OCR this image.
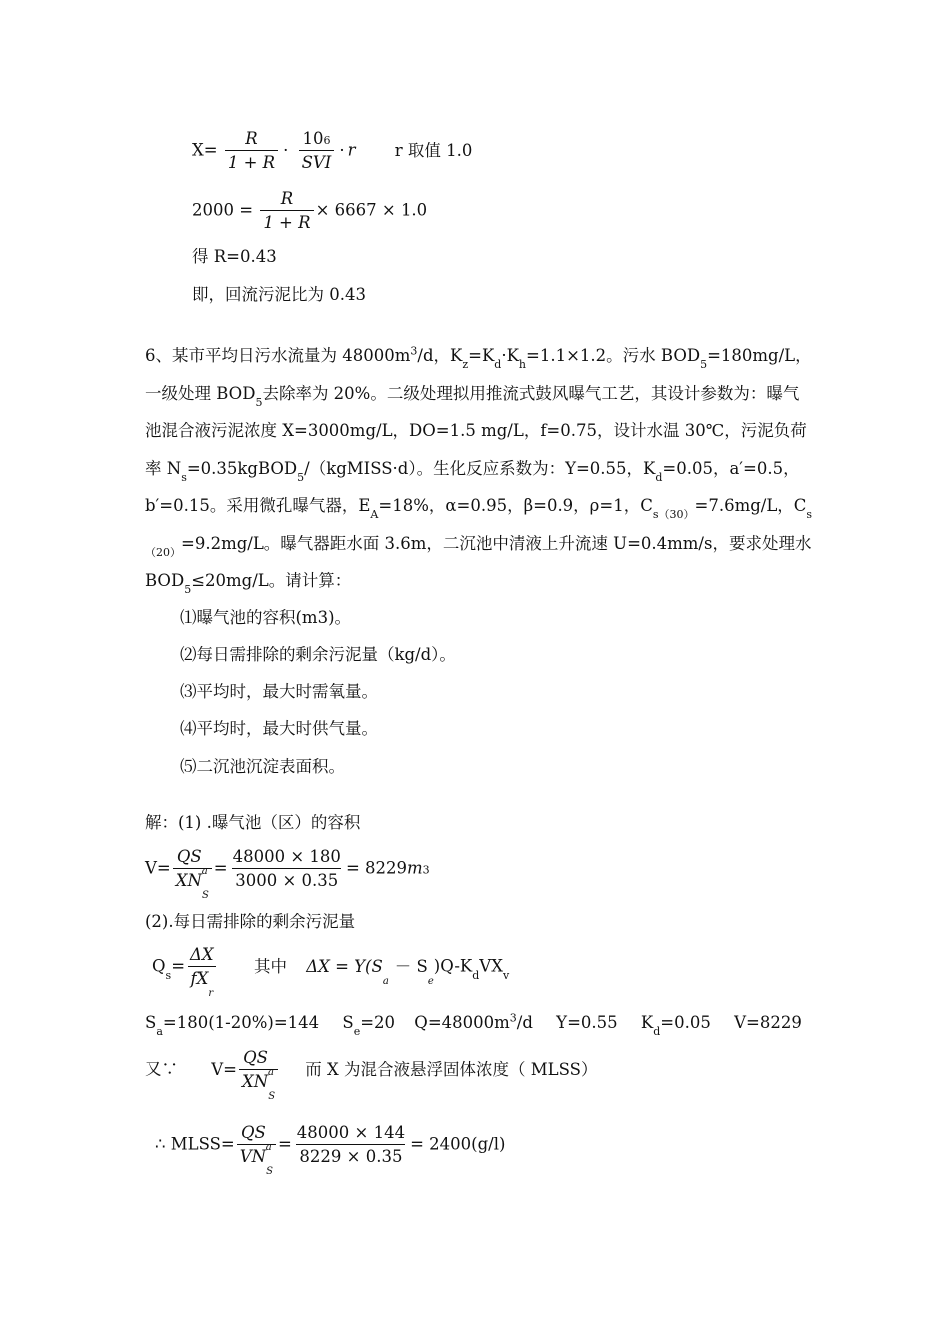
$X= \frac{R}{1 + R} \cdot \frac{106}{\text{SVI}} \cdot r$ r 取值 1.0
$2000 = \frac{R}{1 + R} \times 6667 \times 1.0$
得 R=0.43
即，回流污泥比为 0.43
6、某市平均日污水流量为 $48000m^3/d$，$K_z=K_d\cdot K_h=1.1\times 1.2$。污水 $BOD_5=180mg/L$，一级处理 $BOD_5$去除率为 20%。二级处理拟用推流式鼓风曝气工艺，其设计参数为：曝气池混合液污泥浓度 X=3000mg/L，DO=1.5 mg/L，f=0.75，设计水温 30℃，污泥负荷率 $N_s=0.35kgBOD_5/(kgMISS\cdot d)$。生化反应系数为：Y=0.55，$K_d=0.05$，a′=0.5，b′=0.15。采用微孔曝气器，$E_A=18\%$，α=0.95，β=0.9，ρ=1，$C_{s(30)}=7.6mg/L$，$C_{s(20)}=9.2mg/L$。曝气器距水面 3.6m，二沉池中清液上升流速 U=0.4mm/s，要求处理水 $BOD_5\le 20mg/L$。请计算：
⑴曝气池的容积(m3)。
⑵每日需排除的剩余污泥量（kg/d）。
⑶平均时，最大时需氧量。
⑷平均时，最大时供气量。
⑸二沉池沉淀表面积。
解：(1) .曝气池（区）的容积
$V= \frac{QS_a}{XN_S} = \frac{48000 \times 180}{3000 \times 0.35} = 8229m3$
(2).每日需排除的剩余污泥量
$Q_s= \frac{\Delta X}{fX_r}$ 其中 $\Delta X = Y(S_a- S_e)Q-K_dVX_v$
$S_a=180(1-20\%)=144$ $S_e=20$ $Q=48000m^3/d$ Y=0.55 $K_d=0.05$ V=8229
又∵ $V= \frac{QS_a}{XN_S}$ 而 X 为混合液悬浮固体浓度（ MLSS）
∴ MLSS= $\frac{QS_a}{VN_S} = \frac{48000 \times 144}{8229 \times 0.35} = 2400(g/l)$
